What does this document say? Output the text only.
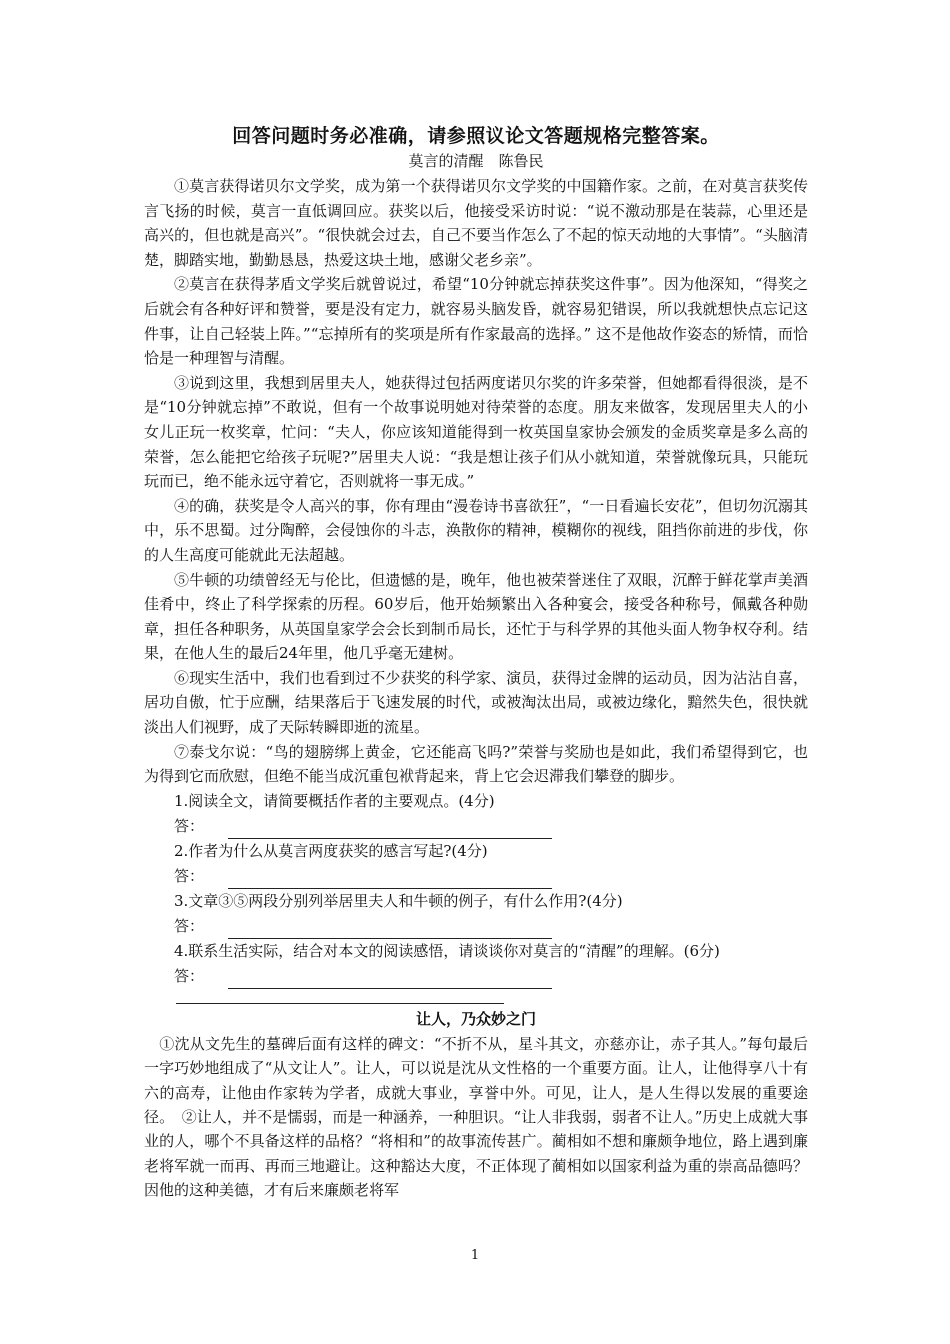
回答问题时务必准确，请参照议论文答题规格完整答案。
莫言的清醒　陈鲁民

①莫言获得诺贝尔文学奖，成为第一个获得诺贝尔文学奖的中国籍作家。之前，在对莫言获奖传言飞扬的时候，莫言一直低调回应。获奖以后，他接受采访时说：“说不激动那是在装蒜，心里还是高兴的，但也就是高兴”。“很快就会过去，自己不要当作怎么了不起的惊天动地的大事情”。“头脑清楚，脚踏实地，勤勤恳恳，热爱这块土地，感谢父老乡亲”。

②莫言在获得茅盾文学奖后就曾说过，希望“10分钟就忘掉获奖这件事”。因为他深知，“得奖之后就会有各种好评和赞誉，要是没有定力，就容易头脑发昏，就容易犯错误，所以我就想快点忘记这件事，让自己轻装上阵。”“忘掉所有的奖项是所有作家最高的选择。” 这不是他故作姿态的矫情，而恰恰是一种理智与清醒。

③说到这里，我想到居里夫人，她获得过包括两度诺贝尔奖的许多荣誉，但她都看得很淡，是不是“10分钟就忘掉”不敢说，但有一个故事说明她对待荣誉的态度。朋友来做客，发现居里夫人的小女儿正玩一枚奖章，忙问：“夫人，你应该知道能得到一枚英国皇家协会颁发的金质奖章是多么高的荣誉，怎么能把它给孩子玩呢?”居里夫人说：“我是想让孩子们从小就知道，荣誉就像玩具，只能玩玩而已，绝不能永远守着它，否则就将一事无成。”

④的确，获奖是令人高兴的事，你有理由“漫卷诗书喜欲狂”，“一日看遍长安花”，但切勿沉溺其中，乐不思蜀。过分陶醉，会侵蚀你的斗志，涣散你的精神，模糊你的视线，阻挡你前进的步伐，你的人生高度可能就此无法超越。

⑤牛顿的功绩曾经无与伦比，但遗憾的是，晚年，他也被荣誉迷住了双眼，沉醉于鲜花掌声美酒佳肴中，终止了科学探索的历程。60岁后，他开始频繁出入各种宴会，接受各种称号，佩戴各种勋章，担任各种职务，从英国皇家学会会长到制币局长，还忙于与科学界的其他头面人物争权夺利。结果，在他人生的最后24年里，他几乎毫无建树。

⑥现实生活中，我们也看到过不少获奖的科学家、演员，获得过金牌的运动员，因为沾沾自喜，居功自傲，忙于应酬，结果落后于飞速发展的时代，或被淘汰出局，或被边缘化，黯然失色，很快就淡出人们视野，成了天际转瞬即逝的流星。

⑦泰戈尔说：“鸟的翅膀绑上黄金，它还能高飞吗?”荣誉与奖励也是如此，我们希望得到它，也为得到它而欣慰，但绝不能当成沉重包袱背起来，背上它会迟滞我们攀登的脚步。

1.阅读全文，请简要概括作者的主要观点。(4分)
答：
2.作者为什么从莫言两度获奖的感言写起?(4分)
答：
3.文章③⑤两段分别列举居里夫人和牛顿的例子，有什么作用?(4分)
答：
4.联系生活实际，结合对本文的阅读感悟，请谈谈你对莫言的“清醒”的理解。(6分)
答：
让人，乃众妙之门

　①沈从文先生的墓碑后面有这样的碑文：“不折不从，星斗其文，亦慈亦让，赤子其人。”每句最后一字巧妙地组成了“从文让人”。让人，可以说是沈从文性格的一个重要方面。让人，让他得享八十有六的高寿，让他由作家转为学者，成就大事业，享誉中外。可见，让人，是人生得以发展的重要途径。　②让人，并不是懦弱，而是一种涵养，一种胆识。“让人非我弱，弱者不让人。”历史上成就大事业的人，哪个不具备这样的品格？“将相和”的故事流传甚广。蔺相如不想和廉颇争地位，路上遇到廉老将军就一而再、再而三地避让。这种豁达大度，不正体现了蔺相如以国家利益为重的崇高品德吗？因他的这种美德，才有后来廉颇老将军

1
